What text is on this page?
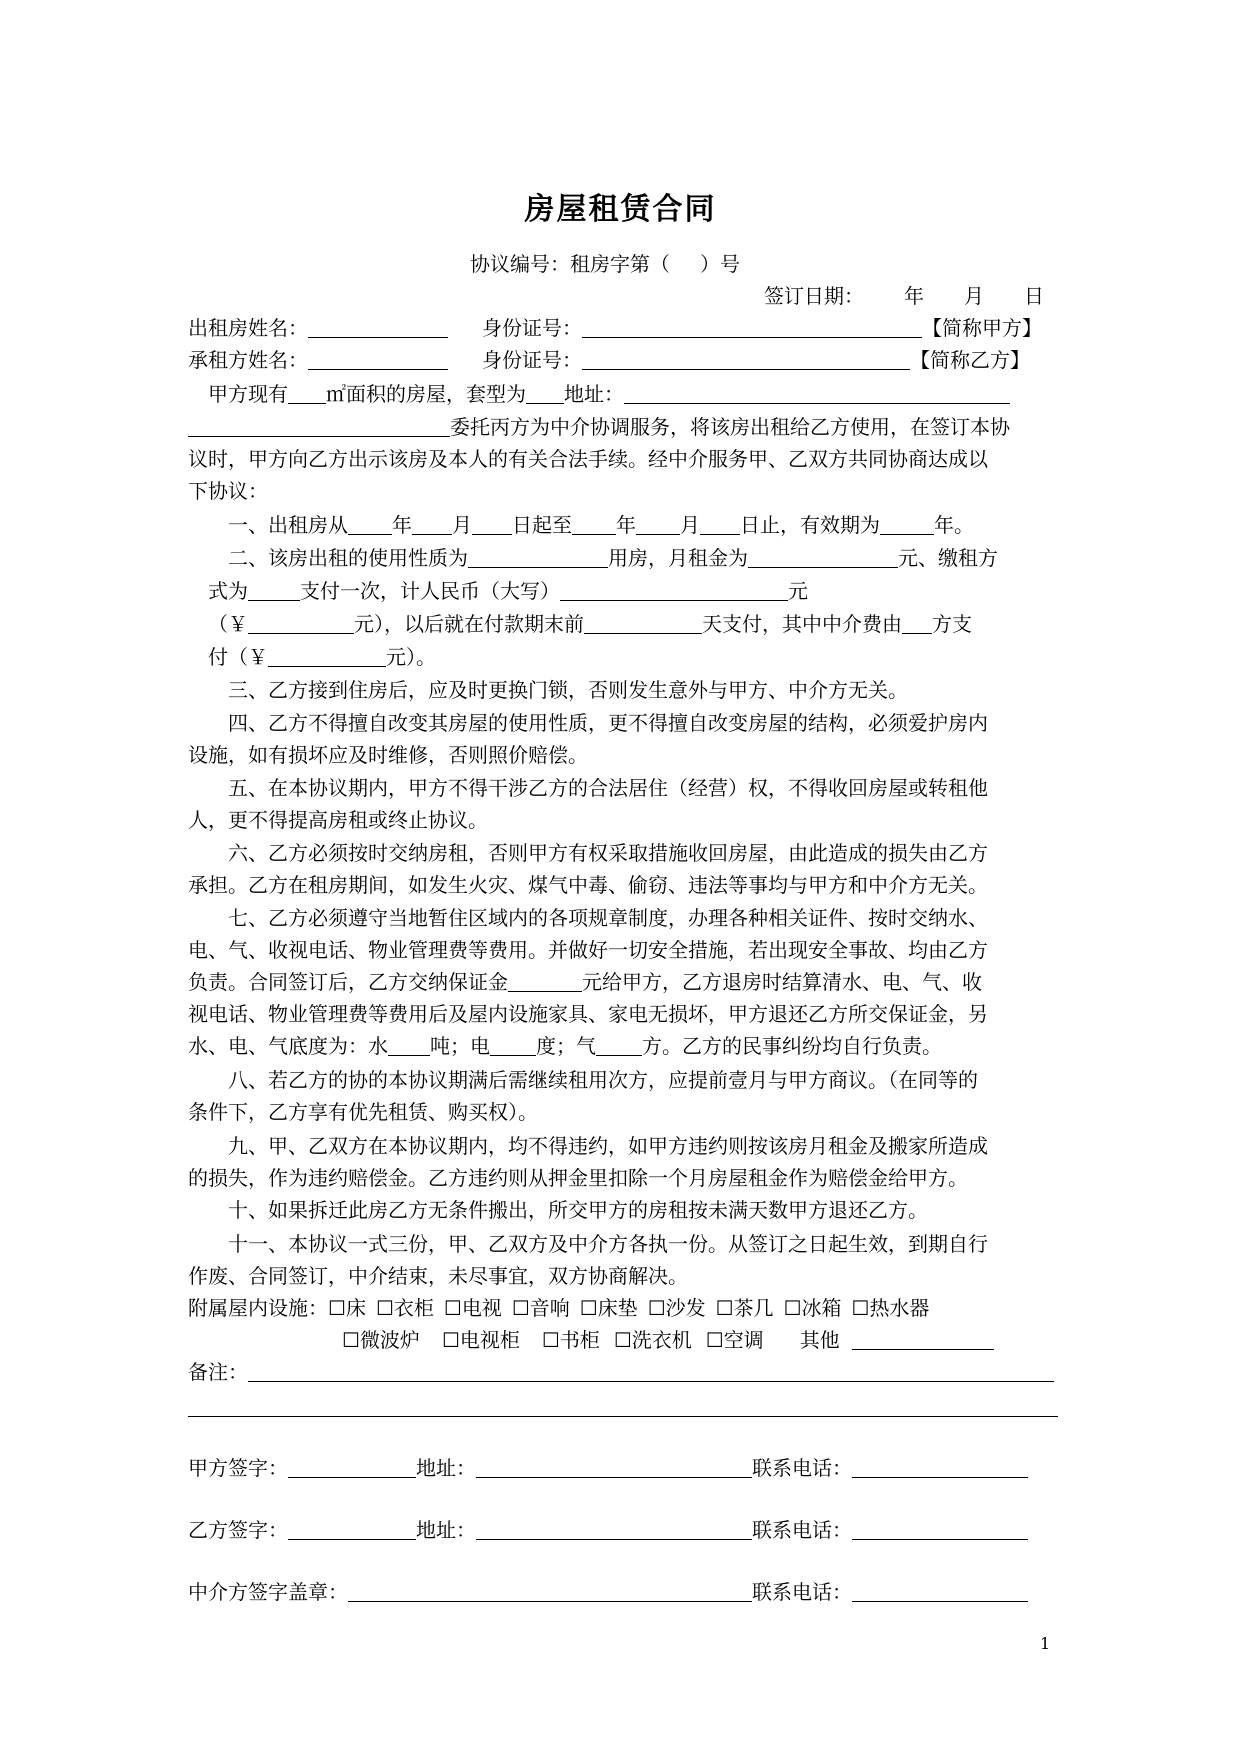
房屋租赁合同
协议编号：租房字第（ ）号
签订日期： 年 月 日
出租房姓名：	身份证号：	【简称甲方】
承租方姓名：	身份证号：	【简称乙方】
甲方现有 ㎡面积的房屋，套型为 地址：
委托丙方为中介协调服务，将该房出租给乙方使用，在签订本协
议时，甲方向乙方出示该房及本人的有关合法手续。经中介服务甲、乙双方共同协商达成以
下协议：
一、出租房从 年 月 日起至 年 月 日止，有效期为	年。
二、该房出租的使用性质为	用房，月租金为	元、缴租方
式为	支付一次，计人民币（大写）	元
（￥	元），以后就在付款期末前	天支付，其中中介费由 方支
付（￥	元）。
三、乙方接到住房后，应及时更换门锁，否则发生意外与甲方、中介方无关。
四、乙方不得擅自改变其房屋的使用性质，更不得擅自改变房屋的结构，必须爱护房内
设施，如有损坏应及时维修，否则照价赔偿。
五、在本协议期内，甲方不得干涉乙方的合法居住（经营）权，不得收回房屋或转租他
人，更不得提高房租或终止协议。
六、乙方必须按时交纳房租，否则甲方有权采取措施收回房屋，由此造成的损失由乙方
承担。乙方在租房期间，如发生火灾、煤气中毒、偷窃、违法等事均与甲方和中介方无关。
七、乙方必须遵守当地暂住区域内的各项规章制度，办理各种相关证件、按时交纳水、
电、气、收视电话、物业管理费等费用。并做好一切安全措施，若出现安全事故、均由乙方
负责。合同签订后，乙方交纳保证金	元给甲方，乙方退房时结算清水、电、气、收
视电话、物业管理费等费用后及屋内设施家具、家电无损坏，甲方退还乙方所交保证金，另
水、电、气底度为：水 吨；电 度；气 方。乙方的民事纠纷均自行负责。
八、若乙方的协的本协议期满后需继续租用次方，应提前壹月与甲方商议。（在同等的
条件下，乙方享有优先租赁、购买权）。
九、甲、乙双方在本协议期内，均不得违约，如甲方违约则按该房月租金及搬家所造成
的损失，作为违约赔偿金。乙方违约则从押金里扣除一个月房屋租金作为赔偿金给甲方。
十、如果拆迁此房乙方无条件搬出，所交甲方的房租按未满天数甲方退还乙方。
十一、本协议一式三份，甲、乙双方及中介方各执一份。从签订之日起生效，到期自行
作废、合同签订，中介结束，未尽事宜，双方协商解决。
附属屋内设施：☐床 ☐衣柜 ☐电视 ☐音响 ☐床垫 ☐沙发 ☐茶几 ☐冰箱 ☐热水器
☐微波炉 ☐电视柜 ☐书柜 ☐洗衣机 ☐空调 其他
备注：
甲方签字：	地址：	联系电话：
乙方签字：	地址：	联系电话：
中介方签字盖章：	联系电话：
1
